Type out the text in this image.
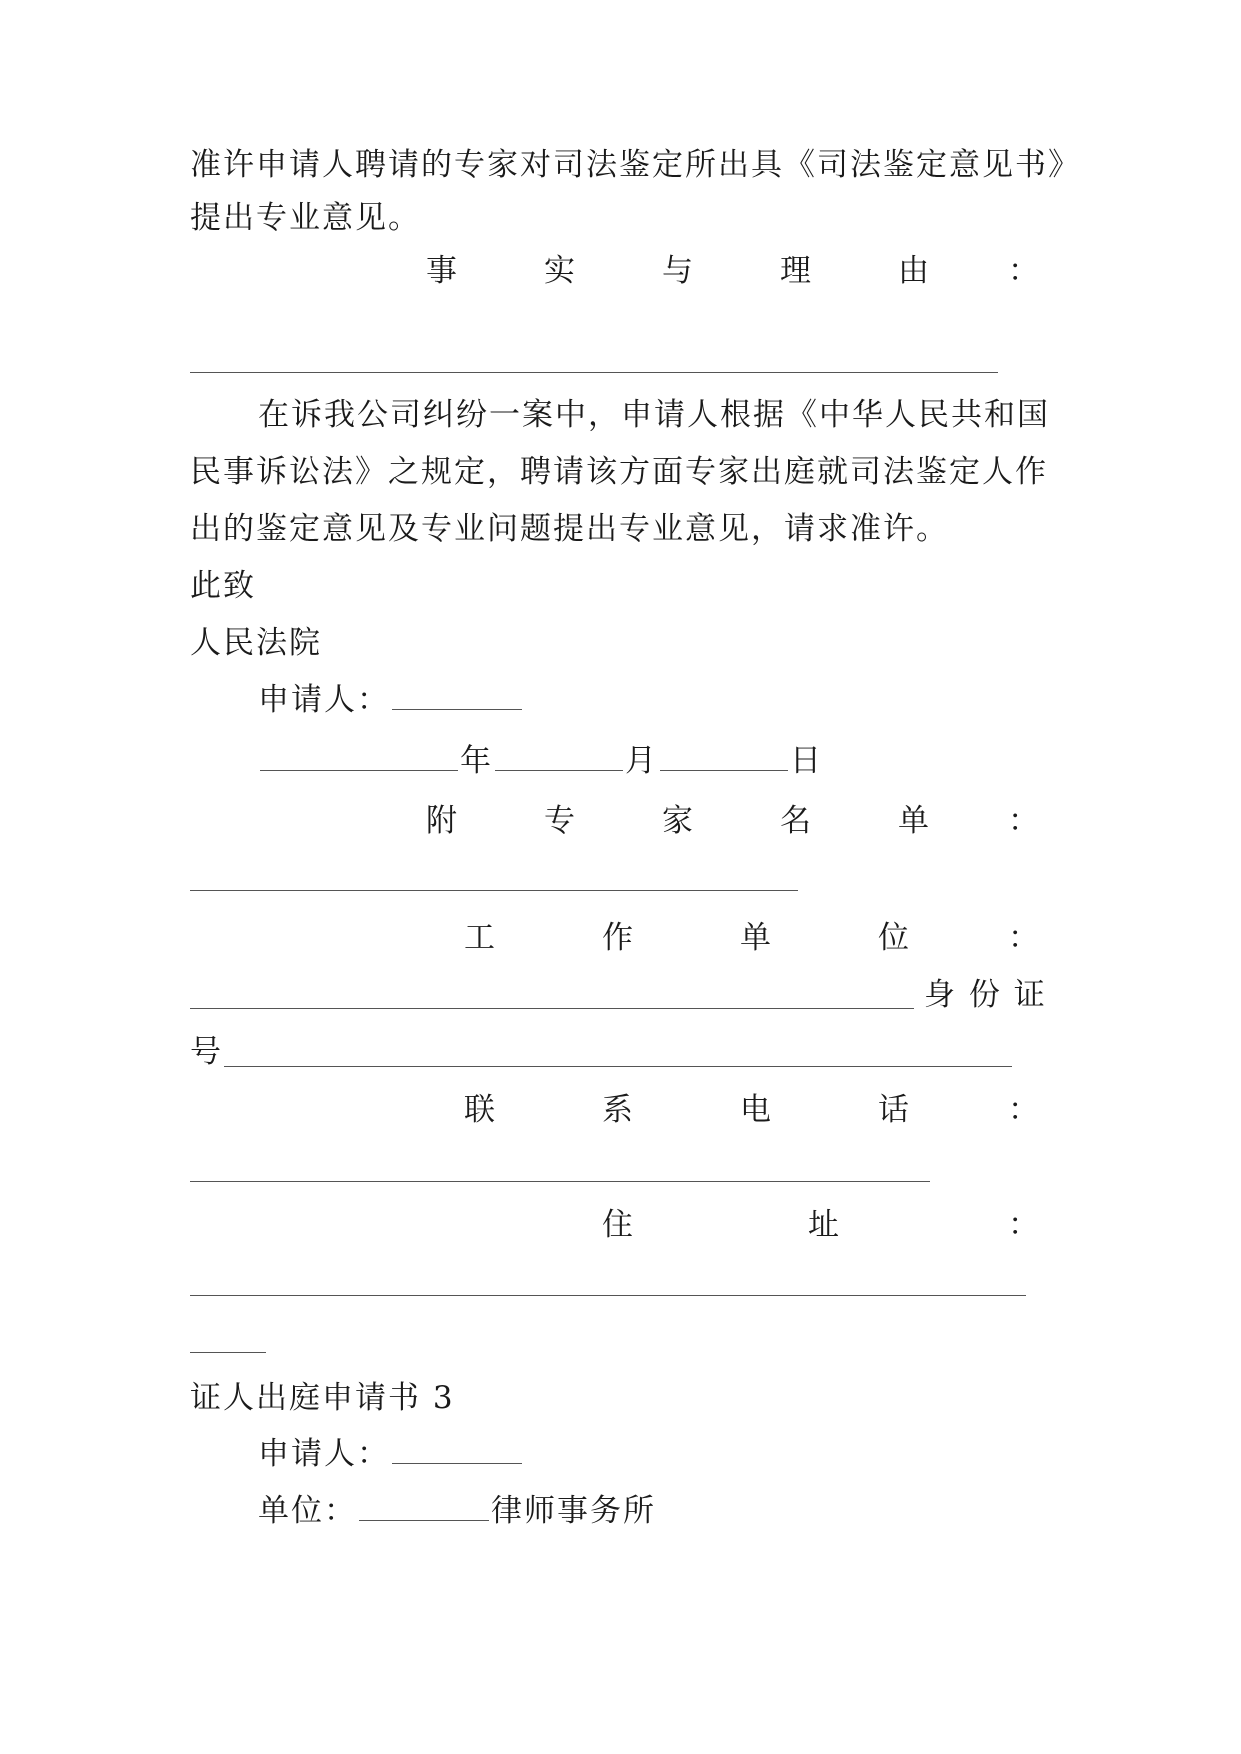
准许申请人聘请的专家对司法鉴定所出具《司法鉴定意见书》
提出专业意见。
事	实	与	理	由 ：
在诉我公司纠纷一案中，申请人根据《中华人民共和国
民事诉讼法》之规定，聘请该方面专家出庭就司法鉴定人作
出的鉴定意见及专业问题提出专业意见，请求准许。
此致
人民法院
申请人：
年	月	日
附	专	家	名	单 ：
工	作	单	位	：
身 份 证
号
联	系	电	话	：
住	址	：
证人出庭申请书 3
申请人：
单位：	律师事务所
